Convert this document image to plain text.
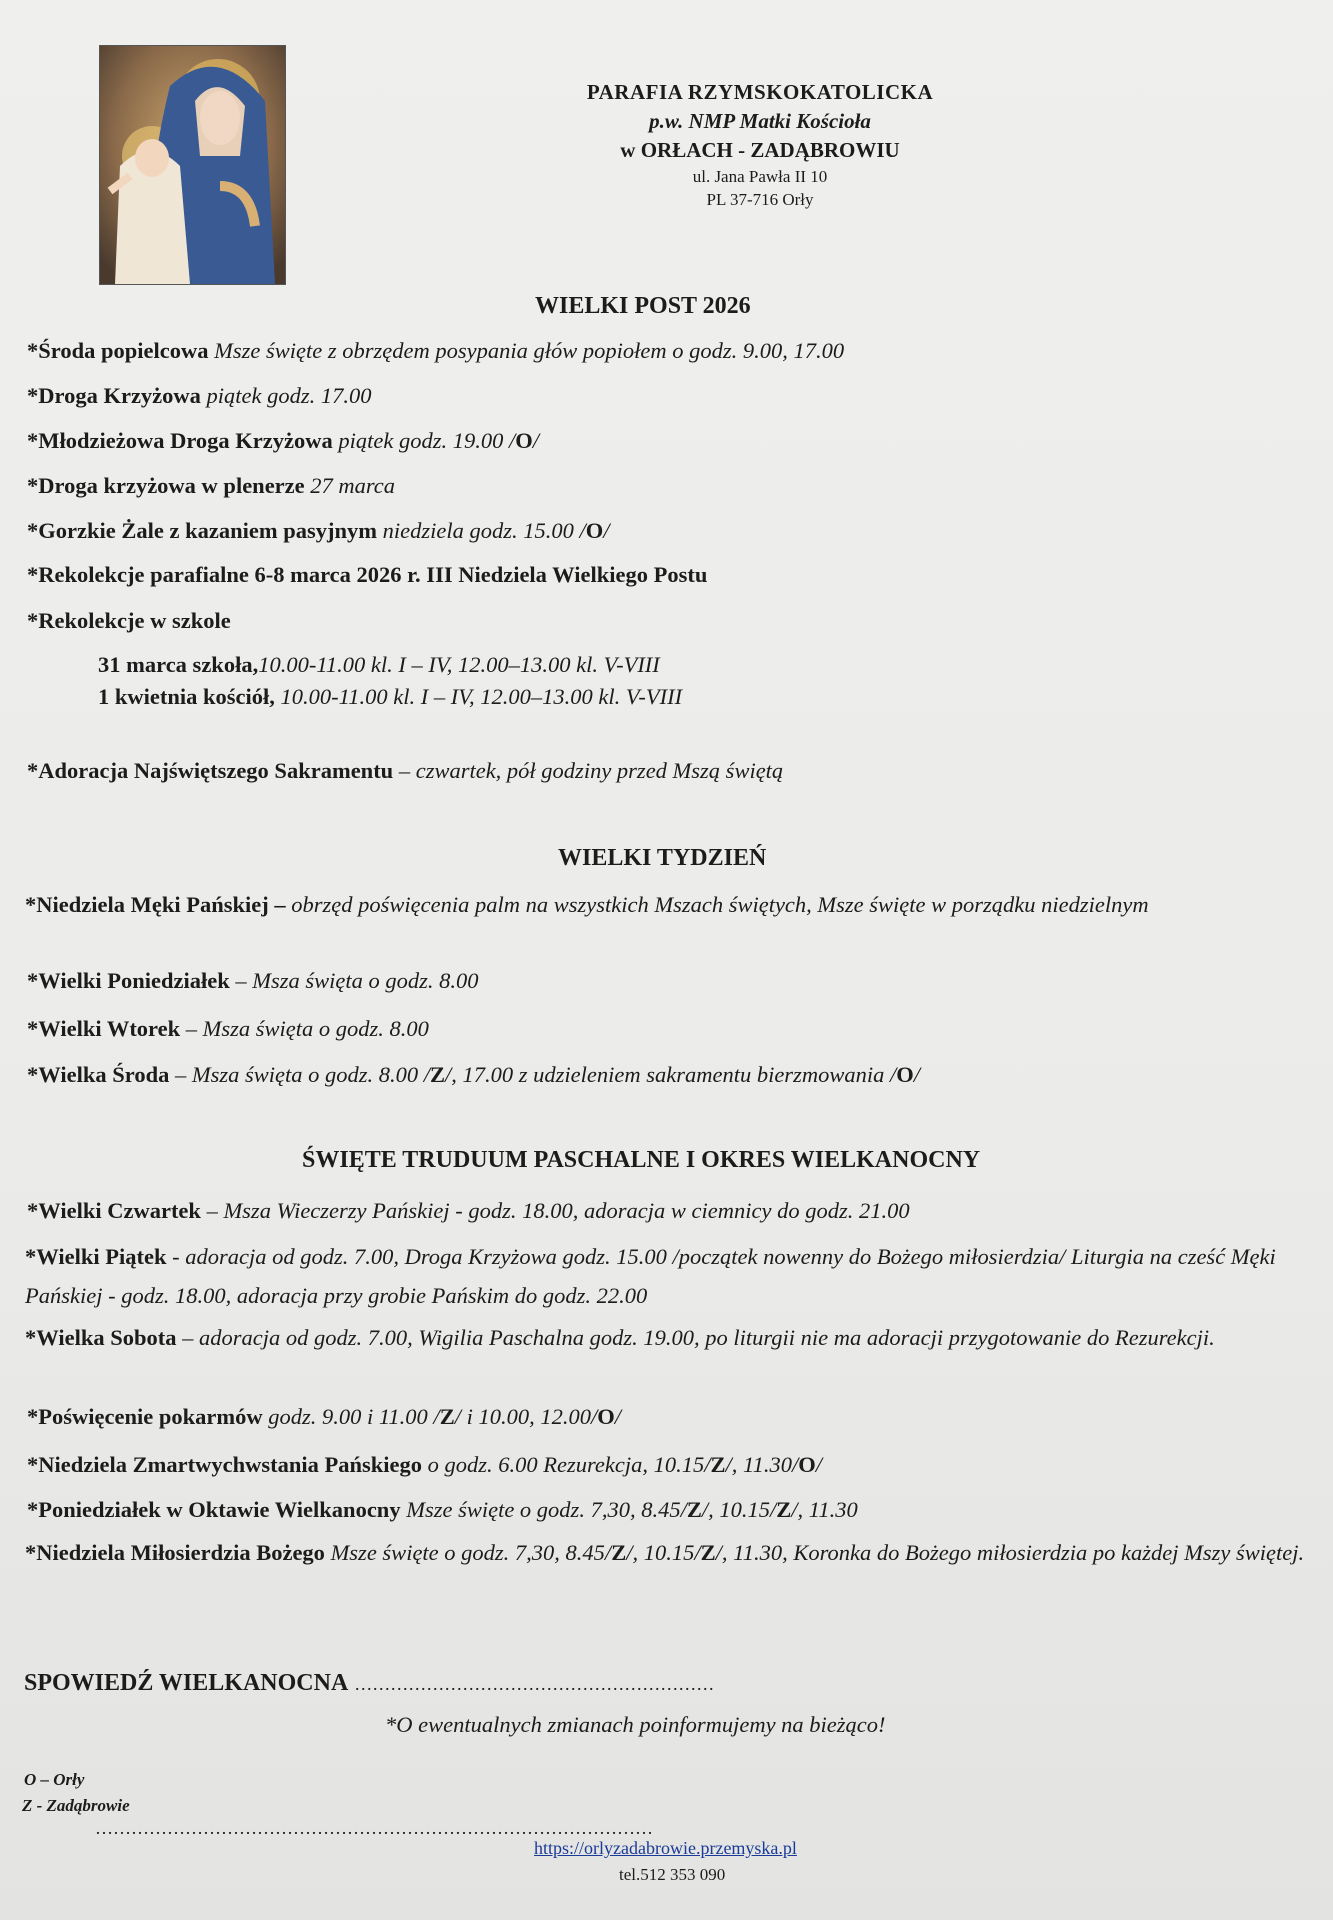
PARAFIA RZYMSKOKATOLICKA
p.w. NMP Matki Kościoła
w ORŁACH - ZADĄBROWIU
ul. Jana Pawła II 10
PL 37-716 Orły
WIELKI POST 2026
*Środa popielcowa Msze święte z obrzędem posypania głów popiołem o godz. 9.00, 17.00
*Droga Krzyżowa piątek godz. 17.00
*Młodzieżowa Droga Krzyżowa piątek godz. 19.00 /O/
*Droga krzyżowa w plenerze 27 marca
*Gorzkie Żale z kazaniem pasyjnym niedziela godz. 15.00 /O/
*Rekolekcje parafialne 6-8 marca 2026 r. III Niedziela Wielkiego Postu
*Rekolekcje w szkole
31 marca szkoła,10.00-11.00 kl. I – IV, 12.00–13.00 kl. V-VIII
1 kwietnia kościół, 10.00-11.00 kl. I – IV, 12.00–13.00 kl. V-VIII
*Adoracja Najświętszego Sakramentu – czwartek, pół godziny przed Mszą świętą
WIELKI TYDZIEŃ
*Niedziela Męki Pańskiej – obrzęd poświęcenia palm na wszystkich Mszach świętych, Msze święte w porządku niedzielnym
*Wielki Poniedziałek – Msza święta o godz. 8.00
*Wielki Wtorek – Msza święta o godz. 8.00
*Wielka Środa – Msza święta o godz. 8.00 /Z/, 17.00 z udzieleniem sakramentu bierzmowania /O/
ŚWIĘTE TRUDUUM PASCHALNE I OKRES WIELKANOCNY
*Wielki Czwartek – Msza Wieczerzy Pańskiej - godz. 18.00, adoracja w ciemnicy do godz. 21.00
*Wielki Piątek - adoracja od godz. 7.00, Droga Krzyżowa godz. 15.00 /początek nowenny do Bożego miłosierdzia/ Liturgia na cześć Męki Pańskiej - godz. 18.00, adoracja przy grobie Pańskim do godz. 22.00
*Wielka Sobota – adoracja od godz. 7.00, Wigilia Paschalna godz. 19.00, po liturgii nie ma adoracji przygotowanie do Rezurekcji.
*Poświęcenie pokarmów godz. 9.00 i 11.00 /Z/ i 10.00, 12.00/O/
*Niedziela Zmartwychwstania Pańskiego o godz. 6.00 Rezurekcja, 10.15/Z/, 11.30/O/
*Poniedziałek w Oktawie Wielkanocny Msze święte o godz. 7,30, 8.45/Z/, 10.15/Z/, 11.30
*Niedziela Miłosierdzia Bożego Msze święte o godz. 7,30, 8.45/Z/, 10.15/Z/, 11.30, Koronka do Bożego miłosierdzia po każdej Mszy świętej.
SPOWIEDŹ WIELKANOCNA ……………………………………………………
*O ewentualnych zmianach poinformujemy na bieżąco!
O – Orły
Z - Zadąbrowie
…………………………………………………………………………………
https://orlyzadabrowie.przemyska.pl
tel.512 353 090
